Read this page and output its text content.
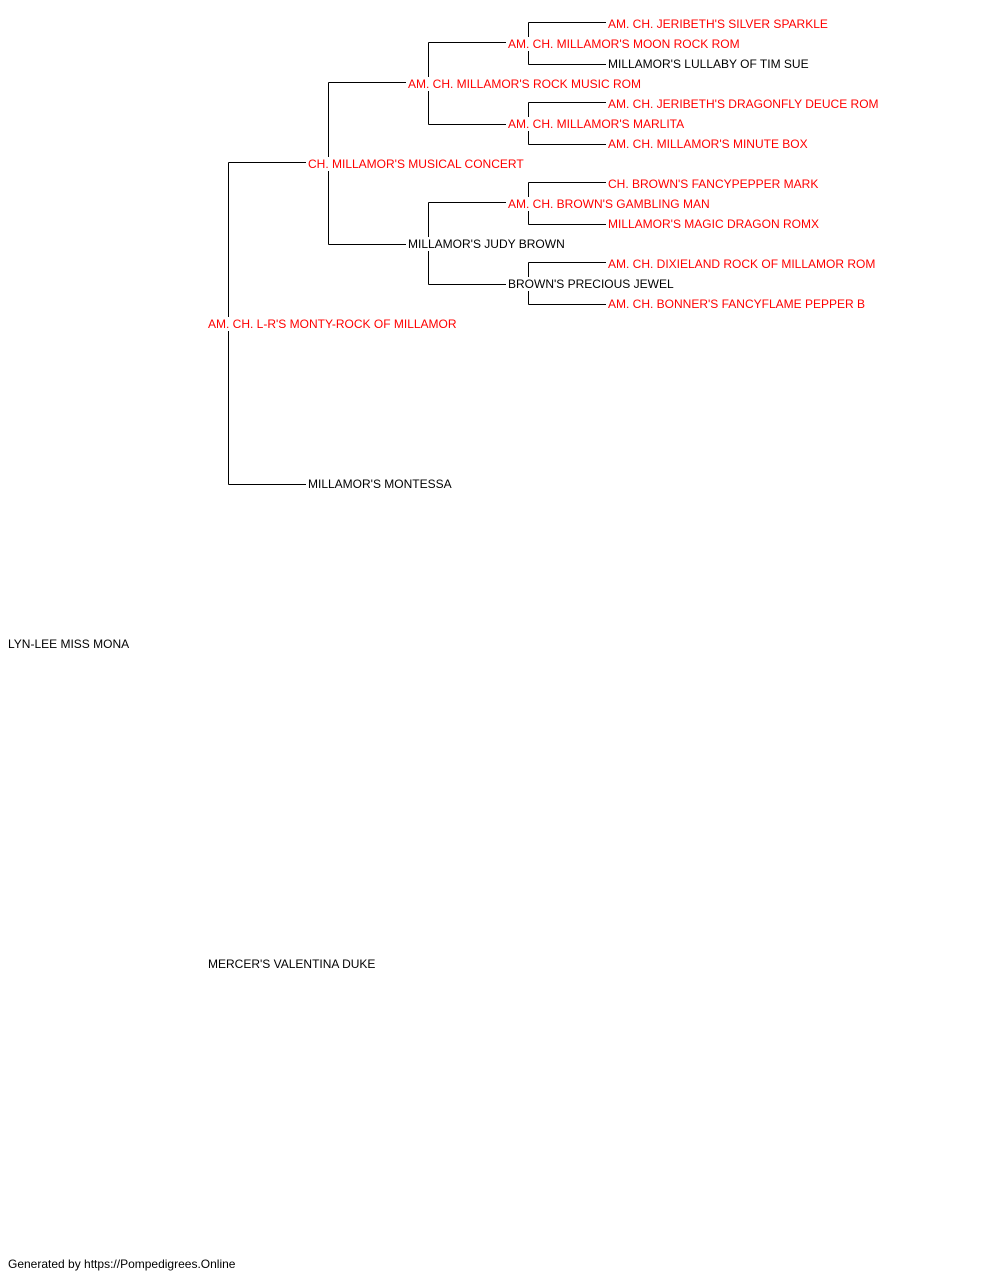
LYN-LEE MISS MONA
AM. CH. L-R'S MONTY-ROCK OF MILLAMOR
MERCER'S VALENTINA DUKE
CH. MILLAMOR'S MUSICAL CONCERT
MILLAMOR'S MONTESSA
AM. CH. MILLAMOR'S ROCK MUSIC ROM
MILLAMOR'S JUDY BROWN
AM. CH. MILLAMOR'S MOON ROCK ROM
AM. CH. MILLAMOR'S MARLITA
AM. CH. BROWN'S GAMBLING MAN
BROWN'S PRECIOUS JEWEL
AM. CH. JERIBETH'S SILVER SPARKLE
MILLAMOR'S LULLABY OF TIM SUE
AM. CH. JERIBETH'S DRAGONFLY DEUCE ROM
AM. CH. MILLAMOR'S MINUTE BOX
CH. BROWN'S FANCYPEPPER MARK
MILLAMOR'S MAGIC DRAGON ROMX
AM. CH. DIXIELAND ROCK OF MILLAMOR ROM
AM. CH. BONNER'S FANCYFLAME PEPPER B
Generated by https://Pompedigrees.Online
